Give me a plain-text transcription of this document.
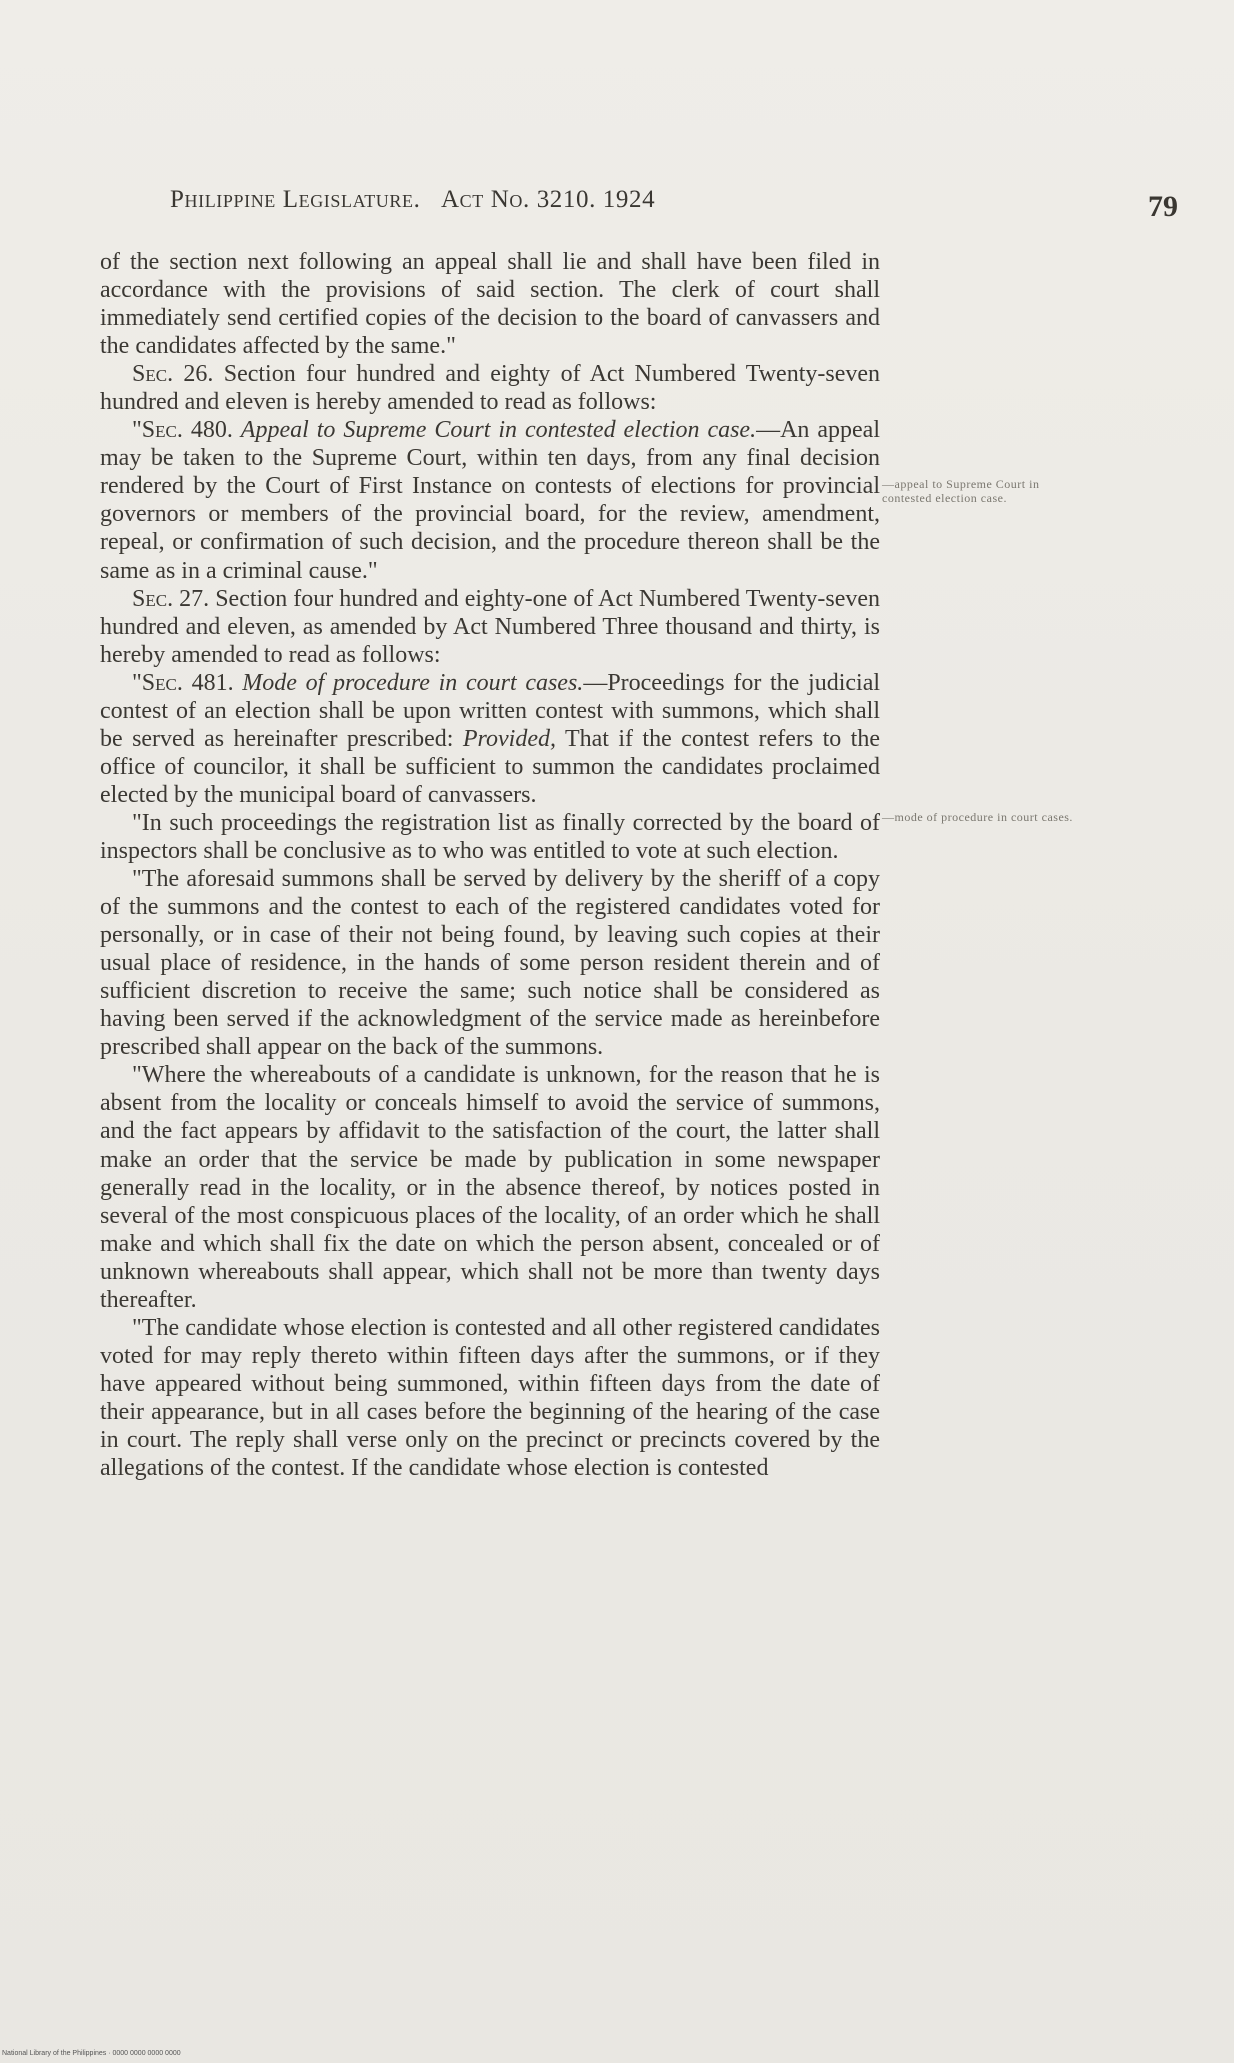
Philippine Legislature. Act No. 3210. 1924	79

of the section next following an appeal shall lie and shall have been filed in accordance with the provisions of said section. The clerk of court shall immediately send certified copies of the decision to the board of canvassers and the candidates affected by the same."

Sec. 26. Section four hundred and eighty of Act Numbered Twenty-seven hundred and eleven is hereby amended to read as follows:

"Sec. 480. Appeal to Supreme Court in contested election case.—An appeal may be taken to the Supreme Court, within ten days, from any final decision rendered by the Court of First Instance on contests of elections for provincial governors or members of the provincial board, for the review, amendment, repeal, or confirmation of such decision, and the procedure thereon shall be the same as in a criminal cause."

Sec. 27. Section four hundred and eighty-one of Act Numbered Twenty-seven hundred and eleven, as amended by Act Numbered Three thousand and thirty, is hereby amended to read as follows:

"Sec. 481. Mode of procedure in court cases.—Proceedings for the judicial contest of an election shall be upon written contest with summons, which shall be served as hereinafter prescribed: Provided, That if the contest refers to the office of councilor, it shall be sufficient to summon the candidates proclaimed elected by the municipal board of canvassers.

"In such proceedings the registration list as finally corrected by the board of inspectors shall be conclusive as to who was entitled to vote at such election.

"The aforesaid summons shall be served by delivery by the sheriff of a copy of the summons and the contest to each of the registered candidates voted for personally, or in case of their not being found, by leaving such copies at their usual place of residence, in the hands of some person resident therein and of sufficient discretion to receive the same; such notice shall be considered as having been served if the acknowledgment of the service made as hereinbefore prescribed shall appear on the back of the summons.

"Where the whereabouts of a candidate is unknown, for the reason that he is absent from the locality or conceals himself to avoid the service of summons, and the fact appears by affidavit to the satisfaction of the court, the latter shall make an order that the service be made by publication in some newspaper generally read in the locality, or in the absence thereof, by notices posted in several of the most conspicuous places of the locality, of an order which he shall make and which shall fix the date on which the person absent, concealed or of unknown whereabouts shall appear, which shall not be more than twenty days thereafter.

"The candidate whose election is contested and all other registered candidates voted for may reply thereto within fifteen days after the summons, or if they have appeared without being summoned, within fifteen days from the date of their appearance, but in all cases before the beginning of the hearing of the case in court. The reply shall verse only on the precinct or precincts covered by the allegations of the contest. If the candidate whose election is contested

—appeal to Supreme Court in contested election case.
—mode of procedure in court cases.
National Library of the Philippines · 0000 0000 0000 0000
